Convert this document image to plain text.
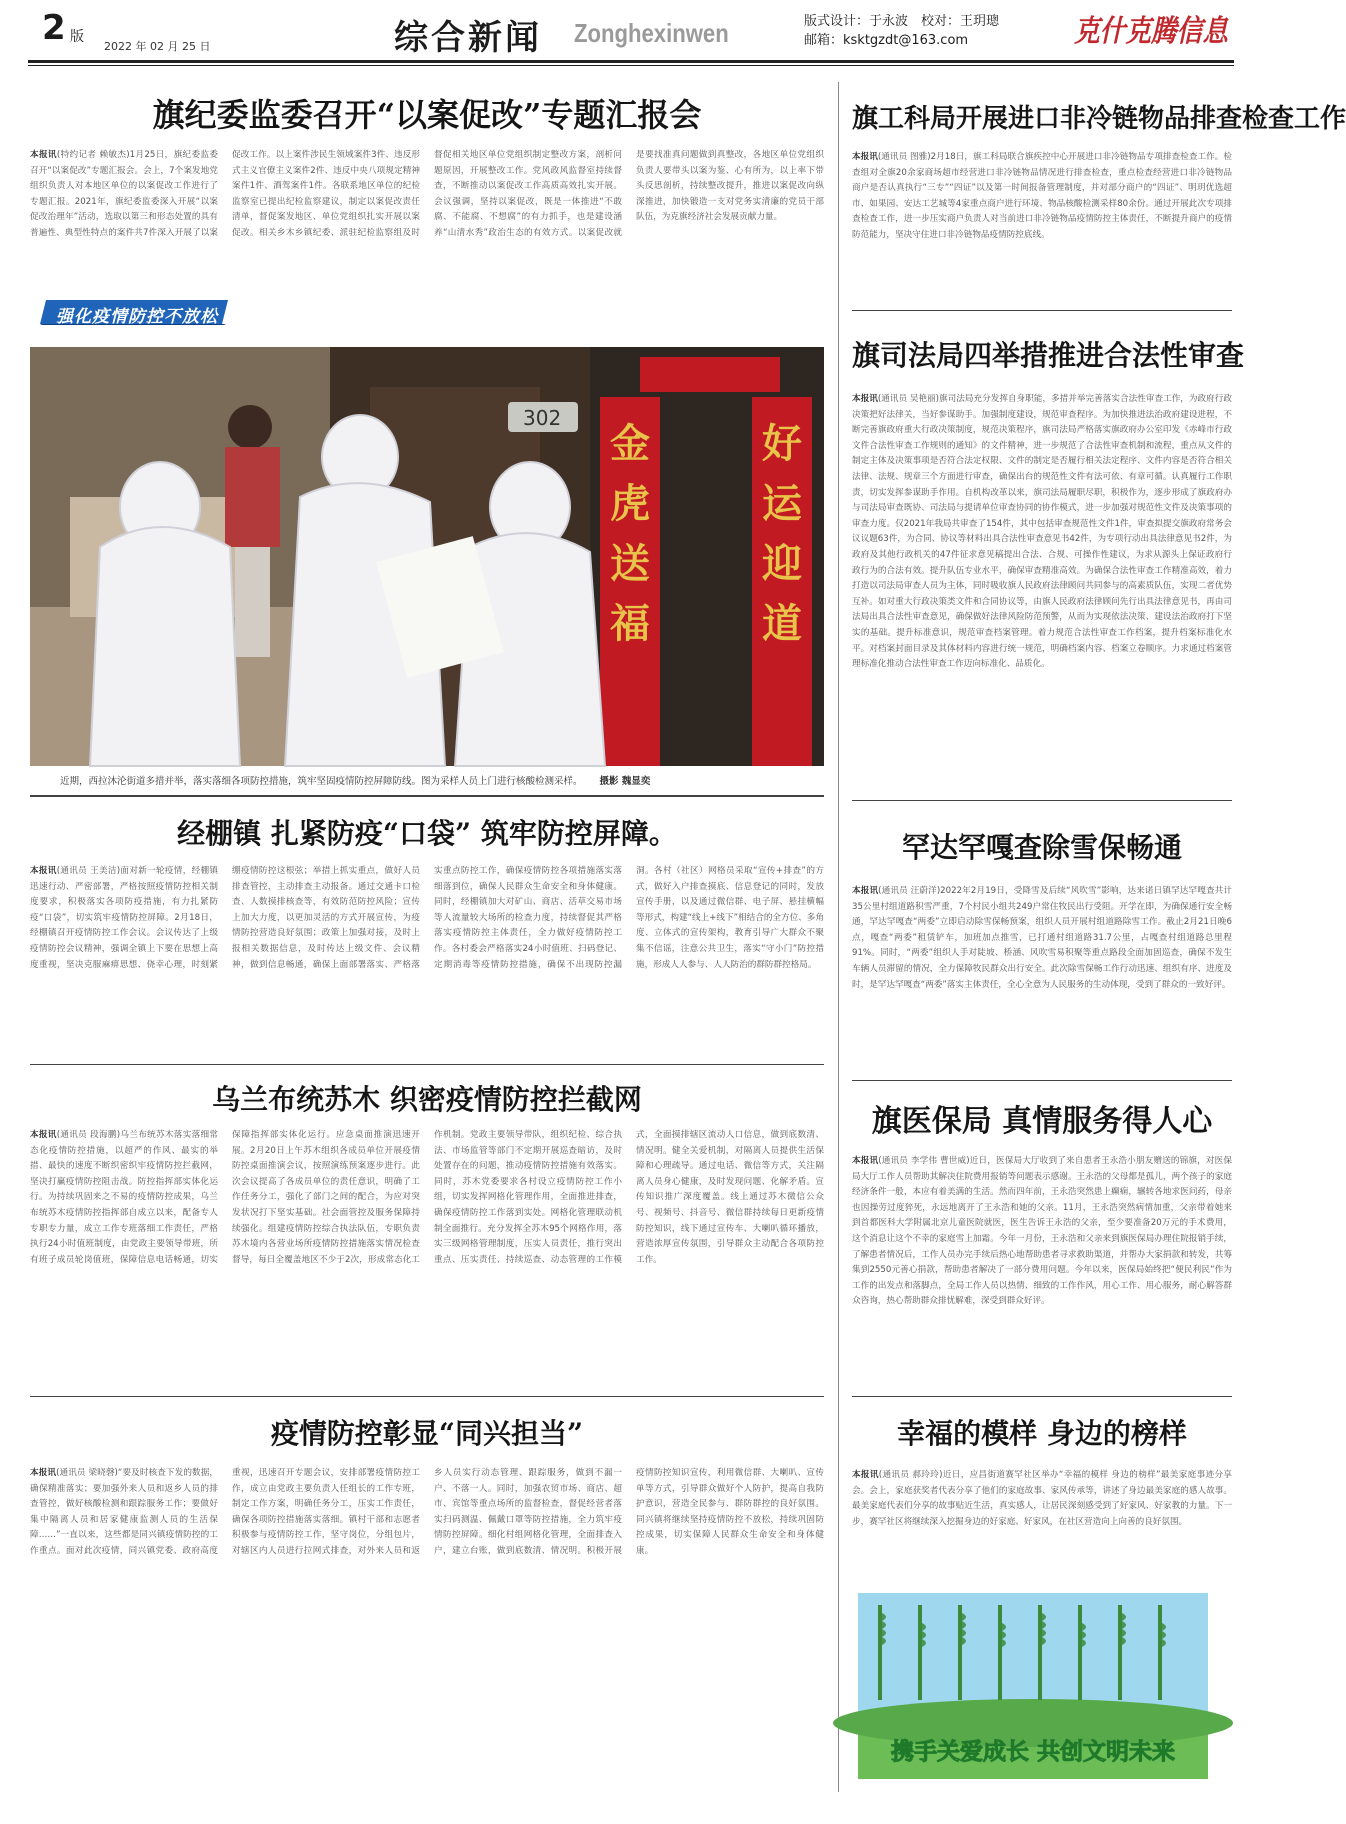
2 版
2022 年 02 月 25 日	综合新闻 Zonghexinwen	版式设计：于永波　校对：王玥璁
邮箱：ksktgzdt@163.com	克什克腾信息
旗纪委监委召开“以案促改”专题汇报会
本报讯(特约记者 赖敏杰)1月25日，旗纪委监委召开“以案促改”专题汇报会。会上，7个案发地党组织负责人对本地区单位的以案促改工作进行了专题汇报。2021年，旗纪委监委深入开展“以案促改治理年”活动，选取以第三和形态处置的具有普遍性、典型性特点的案件共7件深入开展了以案促改工作。以上案件涉民生领域案件3件、违反形式主义官僚主义案件2件、违反中央八项规定精神案件1件、酒驾案件1件。各联系地区单位的纪检监察室已提出纪检监察建议，制定以案促改责任清单，督促案发地区、单位党组织扎实开展以案促改。相关乡木乡镇纪委、派驻纪检监察组及时督促相关地区单位党组织制定整改方案，剖析问题原因，开展整改工作。党风政风监督室持续督查，不断推动以案促改工作高质高效扎实开展。会议强调，坚持以案促改，既是一体推进“不敢腐、不能腐、不想腐”的有力抓手，也是建设涵养“山清水秀”政治生态的有效方式。以案促改就是要找准真问题做到真整改，各地区单位党组织负责人要带头以案为鉴、心有所为，以上率下带头反思剖析，持续整改提升，推进以案促改向纵深推进，加快锻造一支对党务实清廉的党员干部队伍，为克旗经济社会发展贡献力量。
强化疫情防控不放松
金
虎
送
福
好
运
迎
道
302
近期，西拉沐沦街道多措并举，落实落细各项防控措施，筑牢坚固疫情防控屏障防线。图为采样人员上门进行核酸检测采样。 摄影 魏显奕
经棚镇 扎紧防疫“口袋” 筑牢防控屏障。
本报讯(通讯员 王美洁)面对新一轮疫情，经棚镇迅速行动、严密部署，严格按照疫情防控相关制度要求，积极落实各项防疫措施，有力扎紧防疫“口袋”，切实筑牢疫情防控屏障。2月18日，经棚镇召开疫情防控工作会议。会议传达了上级疫情防控会议精神，强调全镇上下要在思想上高度重视，坚决克服麻痹思想、侥幸心理，时刻紧绷疫情防控这根弦；举措上抓实重点，做好人员排查管控，主动排查主动报备。通过交通卡口检查、人数摸排核查等，有效防范防控风险；宣传上加大力度，以更加灵活的方式开展宣传，为疫情防控营造良好氛围；政策上加强对接，及时上报相关数据信息，及时传达上级文件、会议精神，做到信息畅通，确保上面部署落实、严格落实重点防控工作，确保疫情防控各项措施落实落细落到位，确保人民群众生命安全和身体健康。同时，经棚镇加大对矿山、商店、活草交易市场等人流量较大场所的检查力度，持续督促其严格落实疫情防控主体责任，全力做好疫情防控工作。各村委会严格落实24小时值班、扫码登记、定期消毒等疫情防控措施，确保不出现防控漏洞。各村（社区）网格员采取“宣传+排查”的方式，做好入户排查摸底、信息登记的同时，发放宣传手册，以及通过微信群、电子屏、悬挂横幅等形式，构建“线上+线下”相结合的全方位、多角度、立体式的宣传架构，教育引导广大群众不聚集不信谣，注意公共卫生，落实“守小门”防控措施，形成人人参与、人人防治的群防群控格局。
乌兰布统苏木 织密疫情防控拦截网
本报讯(通讯员 段海鹏)乌兰布统苏木落实落细常态化疫情防控措施，以超严的作风、最实的举措、最快的速度不断织密织牢疫情防控拦截网，坚决打赢疫情防控阻击战。防控指挥部实体化运行。为持续巩固来之不易的疫情防控成果，乌兰布统苏木疫情防控指挥部自成立以来，配备专人专职专力量，成立工作专班落细工作责任，严格执行24小时值班制度，由党政主要领导带班，所有班子成员轮岗值班，保障信息电话畅通，切实保障指挥部实体化运行。应急桌面推演迅速开展。2月20日上午苏木组织各成员单位开展疫情防控桌面推演会议，按照演练预案逐步进行。此次会议提高了各成员单位的责任意识，明确了工作任务分工，强化了部门之间的配合，为应对突发状况打下坚实基础。社会面管控及服务保障持续强化。组建疫情防控综合执法队伍，专职负责苏木境内各营业场所疫情防控措施落实情况检查督导，每日全覆盖地区不少于2次，形成常态化工作机制。党政主要领导带队，组织纪检、综合执法、市场监管等部门不定期开展巡查暗访，及时处置存在的问题，推动疫情防控措施有效落实。同时，苏木党委要求各村设立疫情防控工作小组，切实发挥网格化管理作用，全面推进排查，确保疫情防控工作落到实处。网格化管理联动机制全面推行。充分发挥全苏木95个网格作用，落实三级网格管理制度，压实人员责任，推行突出重点、压实责任、持续巡查、动态管理的工作模式，全面摸排辖区流动人口信息，做到底数清、情况明。健全关爱机制，对隔离人员提供生活保障和心理疏导。通过电话、微信等方式，关注隔离人员身心健康，及时发现问题、化解矛盾。宣传知识推广深度覆盖。线上通过苏木微信公众号、视频号、抖音号、微信群持续每日更新疫情防控知识，线下通过宣传车、大喇叭循环播放，营造浓厚宣传氛围，引导群众主动配合各项防控工作。
疫情防控彰显“同兴担当”
本报讯(通讯员 梁晓磬)“要及时核查下发的数据，确保精准落实；要加强外来人员和返乡人员的排查管控，做好核酸检测和跟踪服务工作；要做好集中隔离人员和居家健康监测人员的生活保障……”一直以来，这些都是同兴镇疫情防控的工作重点。面对此次疫情，同兴镇党委、政府高度重视，迅速召开专题会议，安排部署疫情防控工作，成立由党政主要负责人任组长的工作专班，制定工作方案，明确任务分工，压实工作责任，确保各项防控措施落实落细。镇村干部和志愿者积极参与疫情防控工作，坚守岗位，分组包片，对辖区内人员进行拉网式排查，对外来人员和返乡人员实行动态管理、跟踪服务，做到不漏一户、不落一人。同时，加强农贸市场、商店、超市、宾馆等重点场所的监督检查，督促经营者落实扫码测温、佩戴口罩等防控措施，全力筑牢疫情防控屏障。细化村组网格化管理，全面排查入户，建立台账，做到底数清、情况明。积极开展疫情防控知识宣传，利用微信群、大喇叭、宣传单等方式，引导群众做好个人防护，提高自我防护意识，营造全民参与、群防群控的良好氛围。同兴镇将继续坚持疫情防控不放松，持续巩固防控成果，切实保障人民群众生命安全和身体健康。
旗工科局开展进口非冷链物品排查检查工作
本报讯(通讯员 图雅)2月18日，旗工科局联合旗疾控中心开展进口非冷链物品专项排查检查工作。检查组对全旗20余家商场超市经营进口非冷链物品情况进行排查检查，重点检查经营进口非冷链物品商户是否认真执行“三专”“四证”以及第一时间报备管理制度，并对部分商户的“四证”、明玥优选超市、如果园、安达工艺城等4家重点商户进行环境、物品核酸检测采样80余份。通过开展此次专项排查检查工作，进一步压实商户负责人对当前进口非冷链物品疫情防控主体责任，不断提升商户的疫情防范能力，坚决守住进口非冷链物品疫情防控底线。
旗司法局四举措推进合法性审查
本报讯(通讯员 吴艳丽)旗司法局充分发挥自身职能，多措并举完善落实合法性审查工作，为政府行政决策把好法律关，当好参谋助手。加强制度建设，规范审查程序。为加快推进法治政府建设进程，不断完善旗政府重大行政决策制度，规范决策程序，旗司法局严格落实旗政府办公室印发《赤峰市行政文件合法性审查工作规则的通知》的文件精神，进一步规范了合法性审查机制和流程，重点从文件的制定主体及决策事项是否符合法定权限、文件的制定是否履行相关法定程序、文件内容是否符合相关法律、法规、规章三个方面进行审查，确保出台的规范性文件有法可依、有章可循。认真履行工作职责，切实发挥参谋助手作用。自机构改革以来，旗司法局履职尽职，积极作为，逐步形成了旗政府办与司法局审查既协、司法局与提请单位审查协同的协作模式，进一步加强对规范性文件及决策事项的审查力度。仅2021年我局共审查了154件，其中包括审查规范性文件1件，审查拟提交旗政府常务会议议题63件，为合同、协议等材料出具合法性审查意见书42件，为专项行动出具法律意见书2件，为政府及其他行政机关的47件征求意见稿提出合法、合规、可操作性建议，为求从源头上保证政府行政行为的合法有效。提升队伍专业水平，确保审查精准高效。为确保合法性审查工作精准高效，着力打造以司法局审查人员为主体，同时吸收旗人民政府法律顾问共同参与的高素质队伍，实现二者优势互补。如对重大行政决策类文件和合同协议等，由旗人民政府法律顾问先行出具法律意见书，再由司法局出具合法性审查意见，确保做好法律风险防范预警，从而为实现依法决策、建设法治政府打下坚实的基础。提升标准意识，规范审查档案管理。着力规范合法性审查工作档案，提升档案标准化水平。对档案封面目录及其体材料内容进行统一规范，明确档案内容、档案立卷顺序。力求通过档案管理标准化推动合法性审查工作迈向标准化、品质化。
罕达罕嘎查除雪保畅通
本报讯(通讯员 汪蔚洋)2022年2月19日，受降雪及后续“风吹雪”影响，达来诺日镇罕达罕嘎查共计35公里村组道路积雪严重，7个村民小组共249户常住牧民出行受阻。开学在即，为确保通行安全畅通，罕达罕嘎查“两委”立即启动除雪保畅预案，组织人员开展村组道路除雪工作。截止2月21日晚6点，嘎查“两委”租赁铲车，加班加点推雪，已打通村组道路31.7公里，占嘎查村组道路总里程91%。同时，“两委”组织人手对陡坡、桥涵、风吹雪易积聚等重点路段全面加固巡查，确保不发生车辆人员滞留的情况，全力保障牧民群众出行安全。此次除雪保畅工作行动迅速、组织有序、进度及时，是罕达罕嘎查“两委”落实主体责任，全心全意为人民服务的生动体现，受到了群众的一致好评。
旗医保局 真情服务得人心
本报讯(通讯员 李学伟 曹世威)近日，医保局大厅收到了来自患者王永浩小朋友赠送的锦旗，对医保局大厅工作人员帮助其解决住院费用报销等问题表示感谢。王永浩的父母都是孤儿，两个孩子的家庭经济条件一般，本应有着美满的生活。然而四年前，王永浩突然患上癫痫，辗转各地求医问药，母亲也因操劳过度猝死，永远地离开了王永浩和她的父亲。11月，王永浩突然病情加重，父亲带着她来到首都医科大学附属北京儿童医院就医，医生告诉王永浩的父亲，至少要准备20万元的手术费用，这个消息让这个不幸的家庭雪上加霜。今年一月份，王永浩和父亲来到旗医保局办理住院报销手续，了解患者情况后，工作人员办完手续后热心地帮助患者寻求救助渠道，并帮办大家捐款和转发，共筹集到2550元善心捐款，帮助患者解决了一部分费用问题。今年以来，医保局始终把“便民利民”作为工作的出发点和落脚点，全局工作人员以热情、细致的工作作风，用心工作、用心服务，耐心解答群众咨询，热心帮助群众排忧解难，深受到群众好评。
幸福的模样 身边的榜样
本报讯(通讯员 郝玲玲)近日，应昌街道赛罕社区举办“幸福的模样 身边的榜样”最美家庭事迹分享会。会上，家庭获奖者代表分享了他们的家庭故事、家风传承等，讲述了身边最美家庭的感人故事。最美家庭代表们分享的故事贴近生活，真实感人，让居民深刻感受到了好家风、好家教的力量。下一步，赛罕社区将继续深入挖掘身边的好家庭、好家风，在社区营造向上向善的良好氛围。
携手关爱成长 共创文明未来
